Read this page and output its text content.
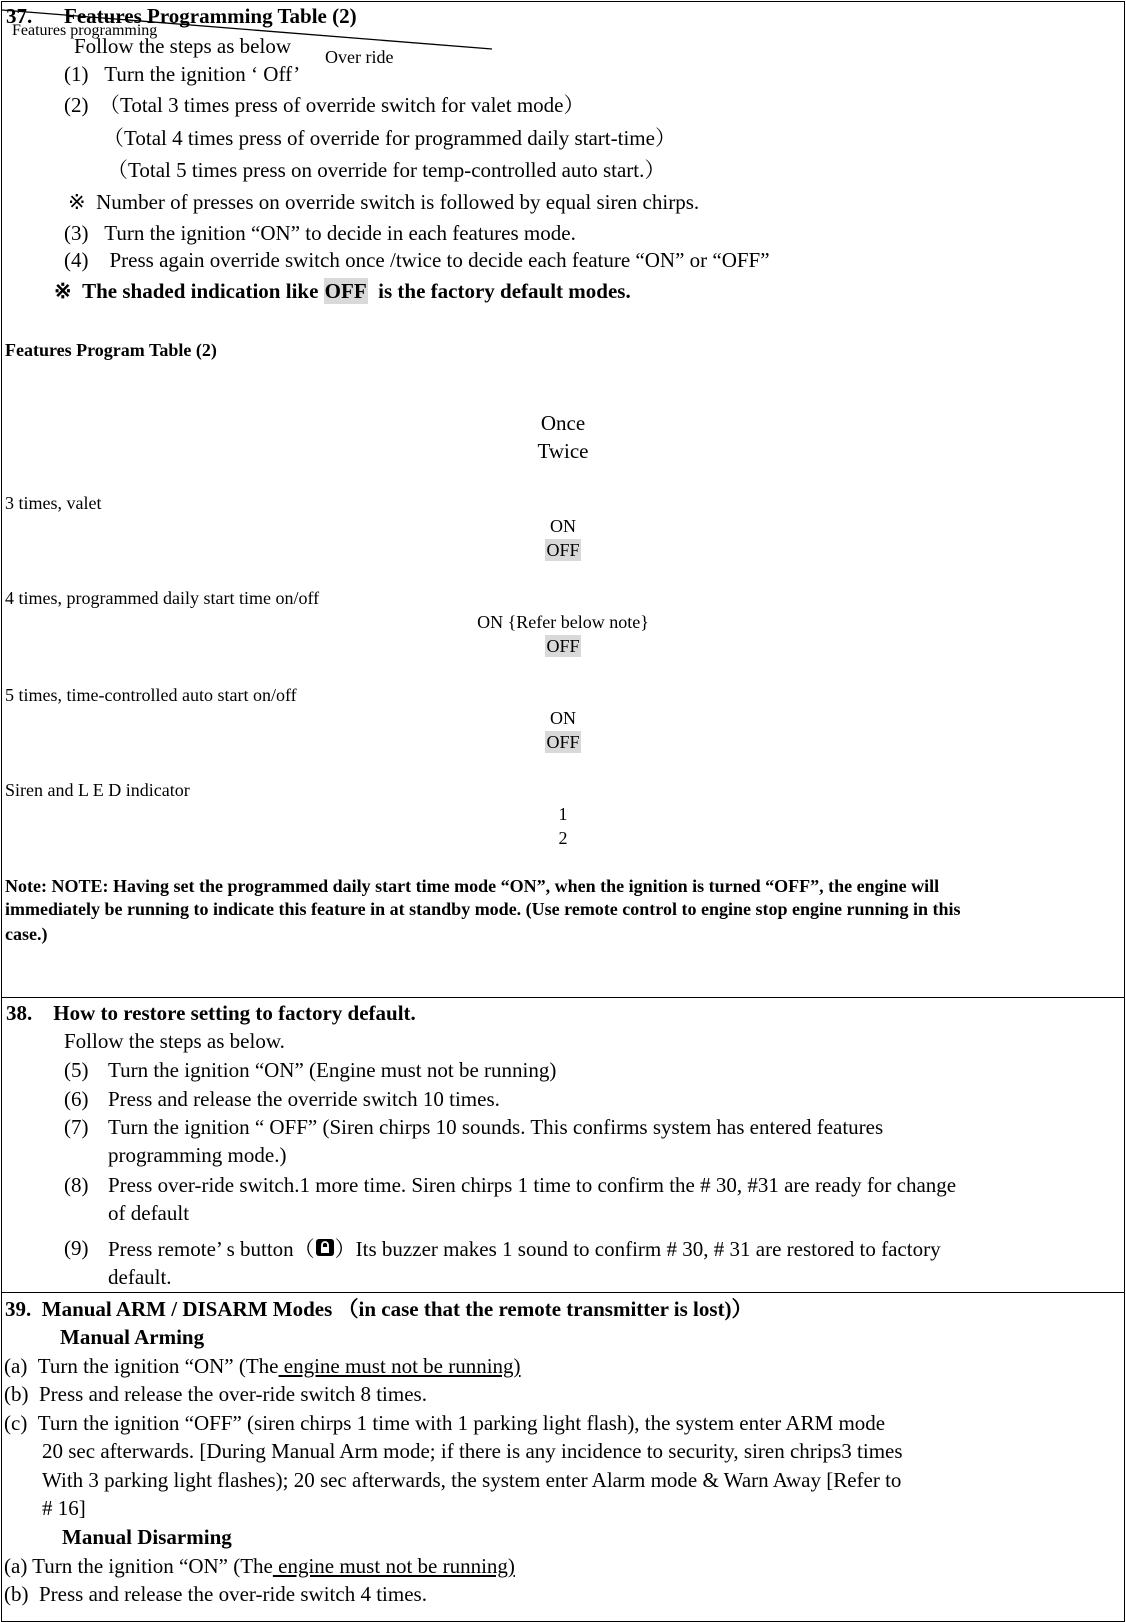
37. Features Programming Table (2)
Features programming
Follow the steps as below Over ride
(1)   Turn the ignition ‘ Off’
(2)  （Total 3 times press of override switch for valet mode）
（Total 4 times press of override for programmed daily start-time）
（Total 5 times press on override for temp-controlled auto start.）
※  Number of presses on override switch is followed by equal siren chirps.
(3)   Turn the ignition “ON” to decide in each features mode.
(4)    Press again override switch once /twice to decide each feature “ON” or “OFF”
※  The shaded indication like OFF  is the factory default modes.
Features Program Table (2)
Once
Twice
3 times, valet
ON
OFF
4 times, programmed daily start time on/off
ON {Refer below note}
OFF
5 times, time-controlled auto start on/off
ON
OFF
Siren and L E D indicator
1
2
Note: NOTE: Having set the programmed daily start time mode “ON”, when the ignition is turned “OFF”, the engine will
immediately be running to indicate this feature in at standby mode. (Use remote control to engine stop engine running in this
case.)
38.    How to restore setting to factory default.
Follow the steps as below.
(5) Turn the ignition “ON” (Engine must not be running)
(6) Press and release the override switch 10 times.
(7) Turn the ignition “ OFF” (Siren chirps 10 sounds. This confirms system has entered features
programming mode.)
(8) Press over-ride switch.1 more time. Siren chirps 1 time to confirm the # 30, #31 are ready for change
of default
(9) Press remote’ s button（ ）Its buzzer makes 1 sound to confirm # 30, # 31 are restored to factory
default.
39.  Manual ARM / DISARM Modes （in case that the remote transmitter is lost)）
Manual Arming
(a)  Turn the ignition “ON” (The engine must not be running)
(b)  Press and release the over-ride switch 8 times.
(c)  Turn the ignition “OFF” (siren chirps 1 time with 1 parking light flash), the system enter ARM mode
20 sec afterwards. [During Manual Arm mode; if there is any incidence to security, siren chrips3 times
With 3 parking light flashes); 20 sec afterwards, the system enter Alarm mode & Warn Away [Refer to
# 16]
Manual Disarming
(a) Turn the ignition “ON” (The engine must not be running)
(b)  Press and release the over-ride switch 4 times.
